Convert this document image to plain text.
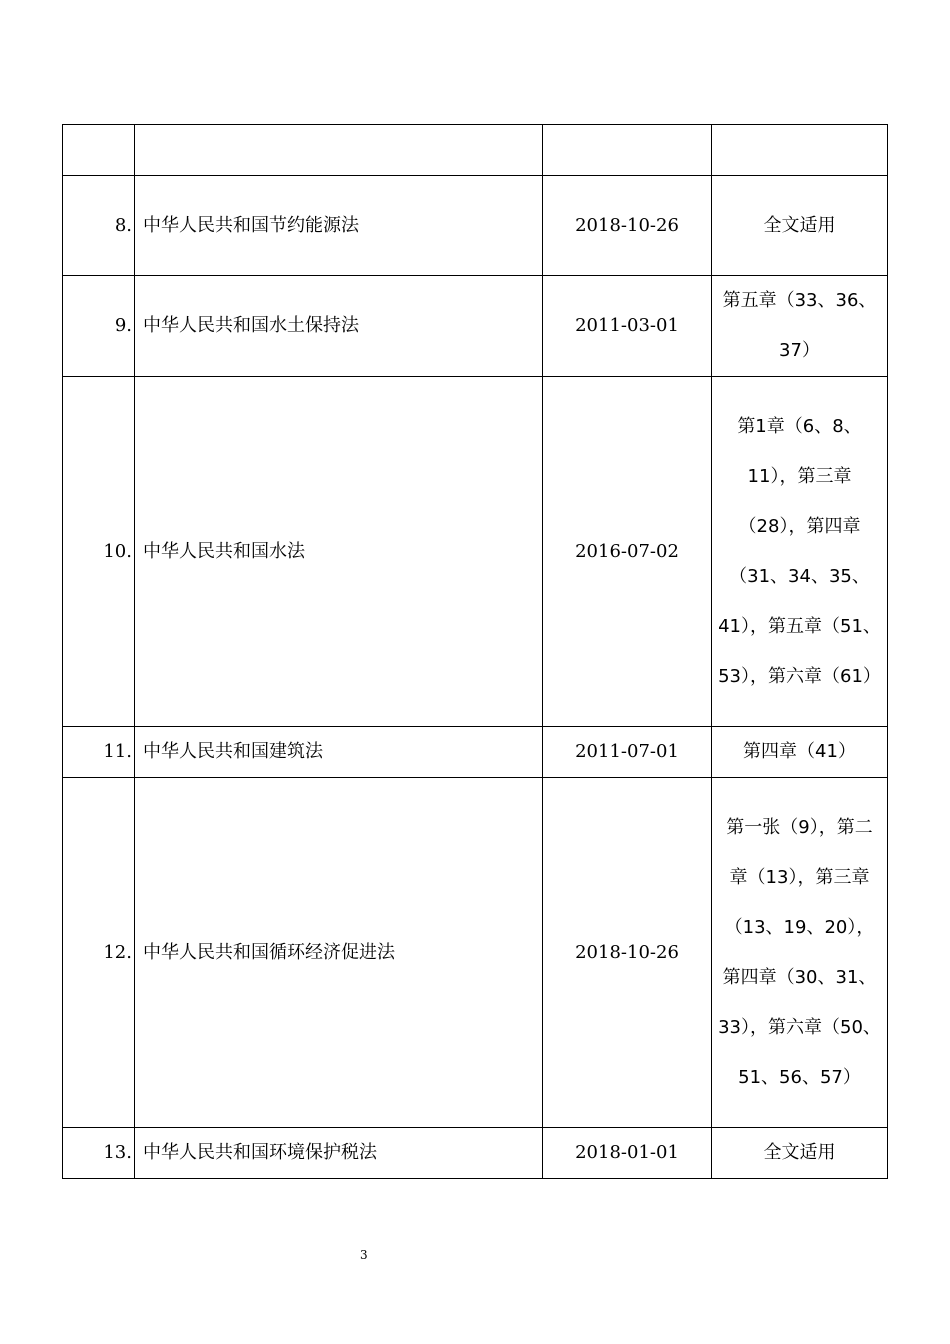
8.	中华人民共和国节约能源法	2018-10-26	全文适用
9.	中华人民共和国水土保持法	2011-03-01	第五章（33、36、37）
10.	中华人民共和国水法	2016-07-02	第1章（6、8、11），第三章（28），第四章（31、34、35、41），第五章（51、53），第六章（61）
11.	中华人民共和国建筑法	2011-07-01	第四章（41）
12.	中华人民共和国循环经济促进法	2018-10-26	第一张（9），第二章（13），第三章（13、19、20），第四章（30、31、33），第六章（50、51、56、57）
13.	中华人民共和国环境保护税法	2018-01-01	全文适用
3
